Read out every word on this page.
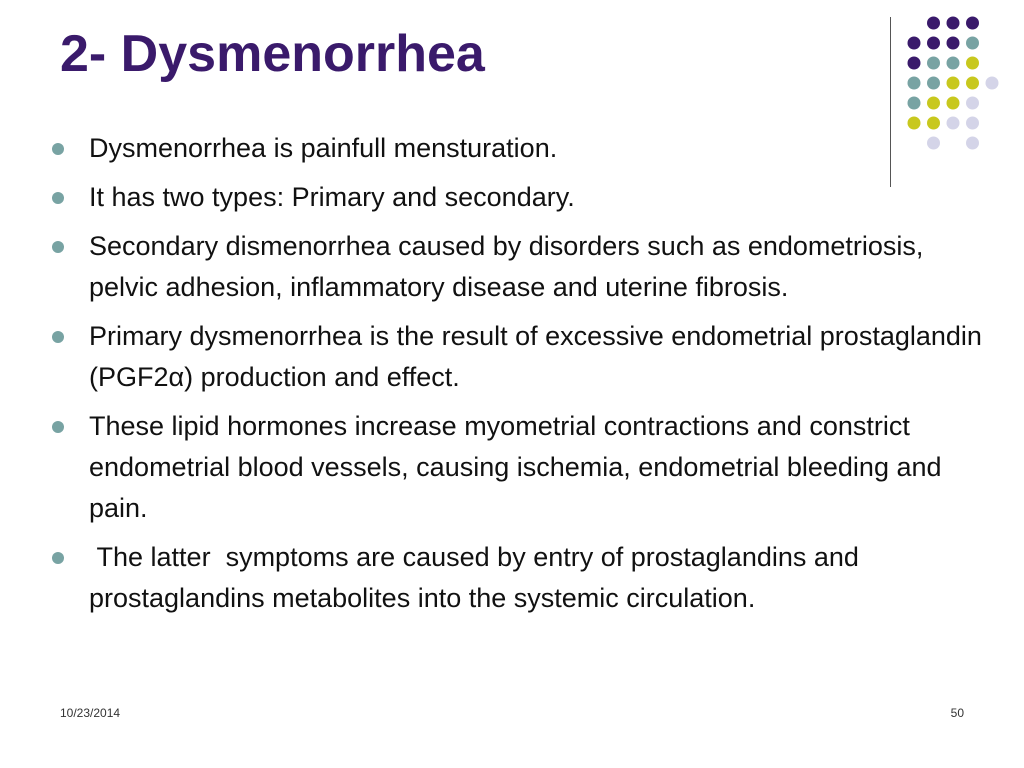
2- Dysmenorrhea
Dysmenorrhea is painfull mensturation.
It has two types: Primary and secondary.
Secondary dismenorrhea caused by disorders such as endometriosis, pelvic adhesion, inflammatory disease and uterine fibrosis.
Primary dysmenorrhea is the result of excessive endometrial prostaglandin (PGF2α) production and effect.
These lipid hormones increase myometrial contractions and constrict endometrial blood vessels, causing ischemia, endometrial bleeding and pain.
The latter  symptoms are caused by entry of prostaglandins and prostaglandins metabolites into the systemic circulation.
10/23/2014	50
